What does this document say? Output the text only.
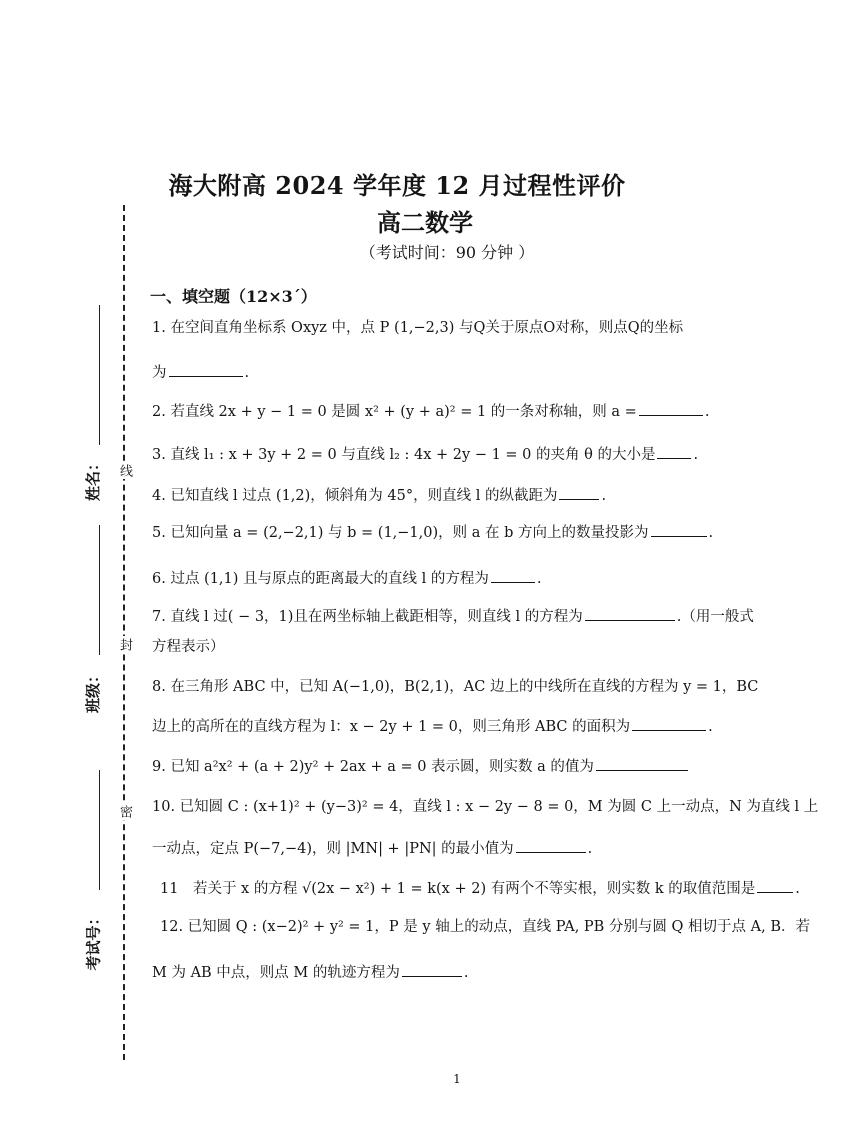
线
封
密
姓名：
班级：
考试号：
海大附高 2024 学年度 12 月过程性评价
高二数学
（考试时间：90 分钟 ）
一、填空题（12×3ˊ）
1. 在空间直角坐标系 Oxyz 中，点 P (1,−2,3) 与Q关于原点O对称，则点Q的坐标
为	.
2. 若直线 2x + y − 1 = 0 是圆 x² + (y + a)² = 1 的一条对称轴，则 a =	.
3. 直线 l₁ : x + 3y + 2 = 0 与直线 l₂ : 4x + 2y − 1 = 0 的夹角 θ 的大小是	.
4. 已知直线 l 过点 (1,2)，倾斜角为 45°，则直线 l 的纵截距为	.
5. 已知向量 a = (2,−2,1) 与 b = (1,−1,0)，则 a 在 b 方向上的数量投影为	.
6. 过点 (1,1) 且与原点的距离最大的直线 l 的方程为	.
7. 直线 l 过( − 3，1)且在两坐标轴上截距相等，则直线 l 的方程为	.（用一般式
方程表示）
8. 在三角形 ABC 中，已知 A(−1,0)，B(2,1)，AC 边上的中线所在直线的方程为 y = 1，BC
边上的高所在的直线方程为 l：x − 2y + 1 = 0，则三角形 ABC 的面积为	.
9. 已知 a²x² + (a + 2)y² + 2ax + a = 0 表示圆，则实数 a 的值为
10. 已知圆 C : (x+1)² + (y−3)² = 4，直线 l : x − 2y − 8 = 0，M 为圆 C 上一动点，N 为直线 l 上
一动点，定点 P(−7,−4)，则 |MN| + |PN| 的最小值为	.
11　若关于 x 的方程 √(2x − x²) + 1 = k(x + 2) 有两个不等实根，则实数 k 的取值范围是	.
12. 已知圆 Q : (x−2)² + y² = 1，P 是 y 轴上的动点，直线 PA, PB 分别与圆 Q 相切于点 A, B．若
M 为 AB 中点，则点 M 的轨迹方程为	.
1
